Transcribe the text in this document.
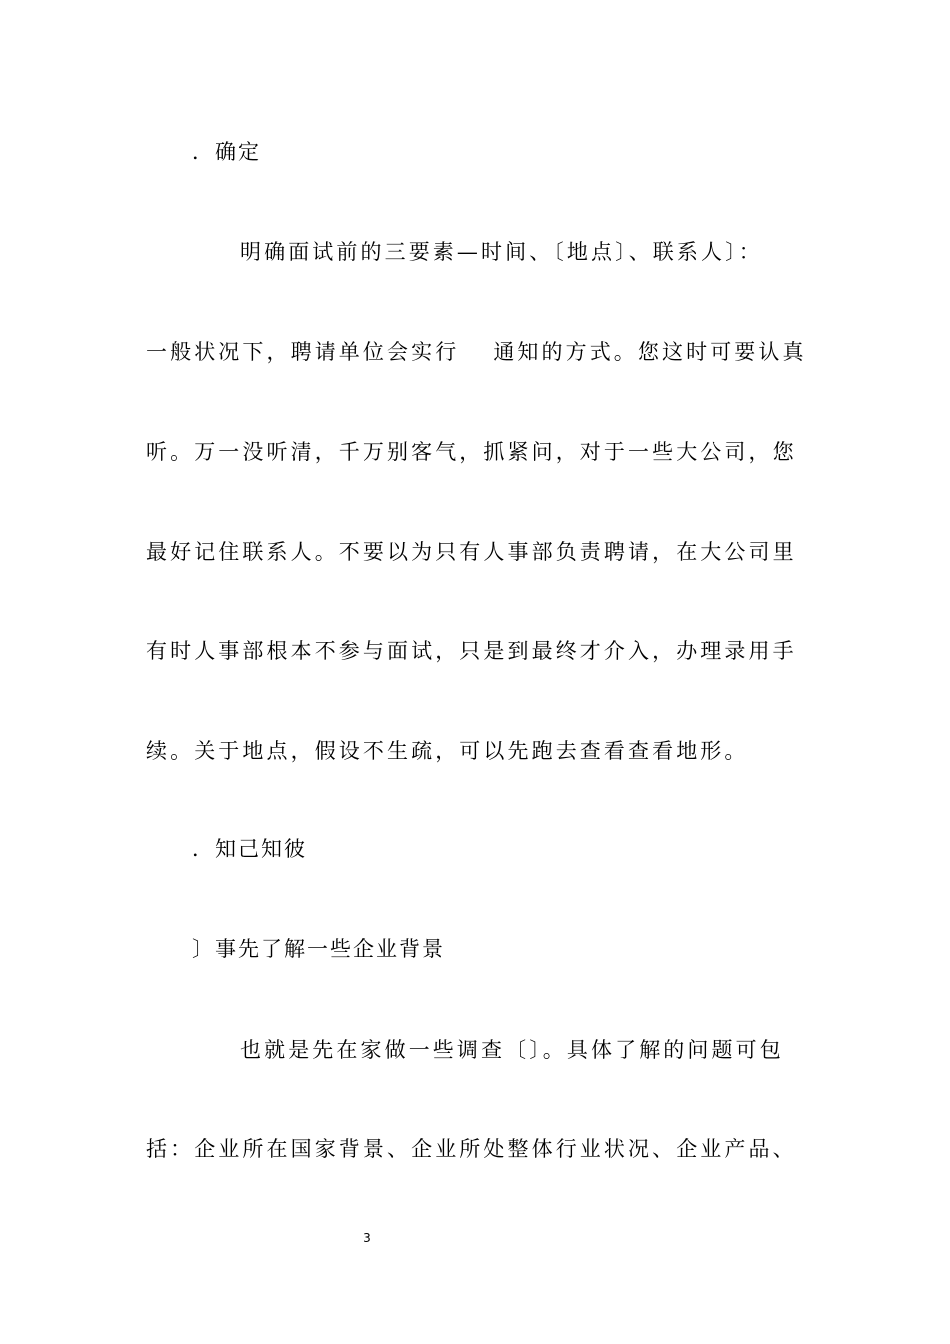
．确定
明确面试前的三要素—时间、〔地点〕、联系人〕：
一般状况下，聘请单位会实行 通知的方式。您这时可要认真
听。万一没听清，千万别客气，抓紧问，对于一些大公司，您
最好记住联系人。不要以为只有人事部负责聘请，在大公司里
有时人事部根本不参与面试，只是到最终才介入，办理录用手
续。关于地点，假设不生疏，可以先跑去查看查看地形。
．知己知彼
〕事先了解一些企业背景
也就是先在家做一些调查〔〕。具体了解的问题可包
括：企业所在国家背景、企业所处整体行业状况、企业产品、
3
